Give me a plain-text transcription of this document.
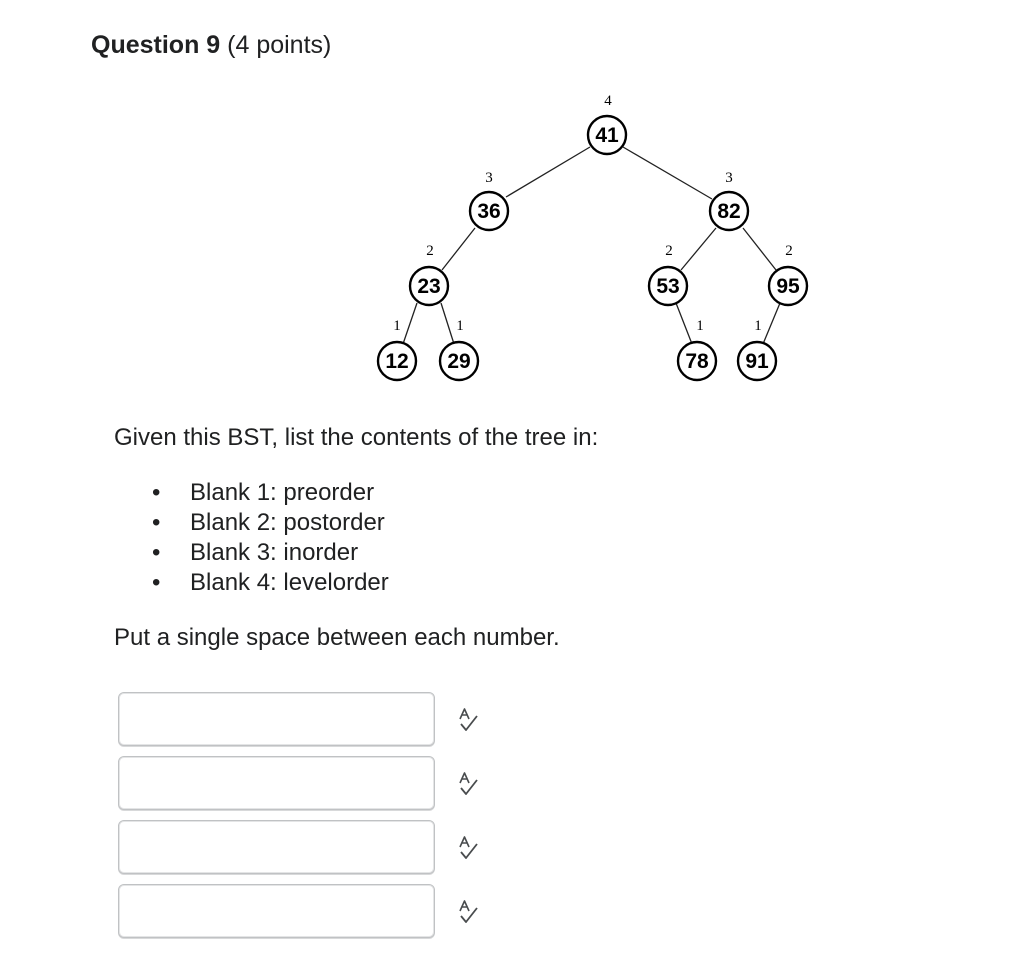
Question 9 (4 points)
41
4
36
3
82
3
23
2
53
2
95
2
12
1
29
1
78
1
91
1
Given this BST, list the contents of the tree in:
• Blank 1: preorder
• Blank 2: postorder
• Blank 3: inorder
• Blank 4: levelorder
Put a single space between each number.
